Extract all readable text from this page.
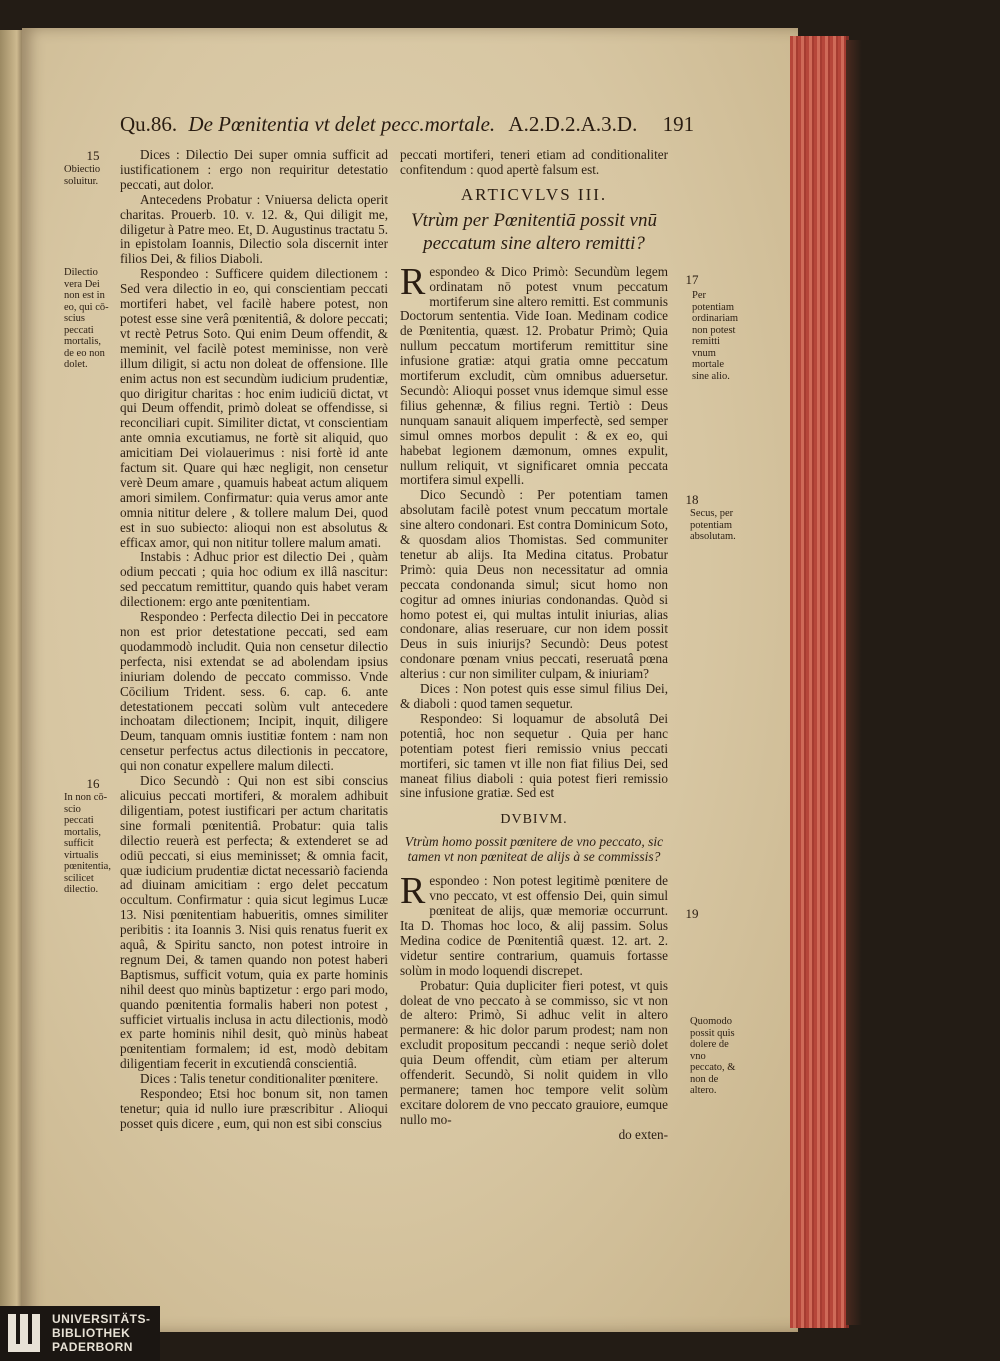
Qu.86. De Pœnitentia vt delet pecc.mortale. A.2.D.2.A.3.D. 191
15
Obiectio soluitur.
Dilectio vera Dei non est in eo, qui cō-scius peccati mortalis, de eo non dolet.
16
In non cō-scio peccati mortalis, sufficit virtualis pœnitentia, scilicet dilectio.

Dices : Dilectio Dei super omnia sufficit ad iustificationem : ergo non requiritur detestatio peccati, aut dolor.

Antecedens Probatur : Vniuersa delicta operit charitas. Prouerb. 10. v. 12. &, Qui diligit me, diligetur à Patre meo. Et, D. Augustinus tractatu 5. in epistolam Ioannis, Dilectio sola discernit inter filios Dei, & filios Diaboli.

Respondeo : Sufficere quidem dilectionem : Sed vera dilectio in eo, qui conscientiam peccati mortiferi habet, vel facilè habere potest, non potest esse sine verâ pœnitentiâ, & dolore peccati; vt rectè Petrus Soto. Qui enim Deum offendit, & meminit, vel facilè potest meminisse, non verè illum diligit, si actu non doleat de offensione. Ille enim actus non est secundùm iudicium prudentiæ, quo dirigitur charitas : hoc enim iudiciū dictat, vt qui Deum offendit, primò doleat se offendisse, si reconciliari cupit. Similiter dictat, vt conscientiam ante omnia excutiamus, ne fortè sit aliquid, quo amicitiam Dei violauerimus : nisi fortè id ante factum sit. Quare qui hæc negligit, non censetur verè Deum amare , quamuis habeat actum aliquem amori similem. Confirmatur: quia verus amor ante omnia nititur delere , & tollere malum Dei, quod est in suo subiecto: alioqui non est absolutus & efficax amor, qui non nititur tollere malum amati.

Instabis : Adhuc prior est dilectio Dei , quàm odium peccati ; quia hoc odium ex illâ nascitur: sed peccatum remittitur, quando quis habet veram dilectionem: ergo ante pœnitentiam.

Respondeo : Perfecta dilectio Dei in peccatore non est prior detestatione peccati, sed eam quodammodò includit. Quia non censetur dilectio perfecta, nisi extendat se ad abolendam ipsius iniuriam dolendo de peccato commisso. Vnde Cōcilium Trident. sess. 6. cap. 6. ante detestationem peccati solùm vult antecedere inchoatam dilectionem; Incipit, inquit, diligere Deum, tanquam omnis iustitiæ fontem : nam non censetur perfectus actus dilectionis in peccatore, qui non conatur expellere malum dilecti.

Dico Secundò : Qui non est sibi conscius alicuius peccati mortiferi, & moralem adhibuit diligentiam, potest iustificari per actum charitatis sine formali pœnitentiâ. Probatur: quia talis dilectio reuerà est perfecta; & extenderet se ad odiū peccati, si eius meminisset; & omnia facit, quæ iudicium prudentiæ dictat necessariò facienda ad diuinam amicitiam : ergo delet peccatum occultum. Confirmatur : quia sicut legimus Lucæ 13. Nisi pœnitentiam habueritis, omnes similiter peribitis : ita Ioannis 3. Nisi quis renatus fuerit ex aquâ, & Spiritu sancto, non potest introire in regnum Dei, & tamen quando non potest haberi Baptismus, sufficit votum, quia ex parte hominis nihil deest quo minùs baptizetur : ergo pari modo, quando pœnitentia formalis haberi non potest , sufficiet virtualis inclusa in actu dilectionis, modò ex parte hominis nihil desit, quò minùs habeat pœnitentiam formalem; id est, modò debitam diligentiam fecerit in excutiendâ conscientiâ.

Dices : Talis tenetur conditionaliter pœnitere.

Respondeo; Etsi hoc bonum sit, non tamen tenetur; quia id nullo iure præscribitur . Alioqui posset quis dicere , eum, qui non est sibi conscius

peccati mortiferi, teneri etiam ad conditionaliter confitendum : quod apertè falsum est.

ARTICVLVS III.
Vtrùm per Pœnitentiā possit vnū peccatum sine altero remitti?

Respondeo & Dico Primò: Secundùm legem ordinatam nō potest vnum peccatum mortiferum sine altero remitti. Est communis Doctorum sententia. Vide Ioan. Medinam codice de Pœnitentia, quæst. 12. Probatur Primò; Quia nullum peccatum mortiferum remittitur sine infusione gratiæ: atqui gratia omne peccatum mortiferum excludit, cùm omnibus aduersetur. Secundò: Alioqui posset vnus idemque simul esse filius gehennæ, & filius regni. Tertiò : Deus nunquam sanauit aliquem imperfectè, sed semper simul omnes morbos depulit : & ex eo, qui habebat legionem dæmonum, omnes expulit, nullum reliquit, vt significaret omnia peccata mortifera simul expelli.

Dico Secundò : Per potentiam tamen absolutam facilè potest vnum peccatum mortale sine altero condonari. Est contra Dominicum Soto, & quosdam alios Thomistas. Sed communiter tenetur ab alijs. Ita Medina citatus. Probatur Primò: quia Deus non necessitatur ad omnia peccata condonanda simul; sicut homo non cogitur ad omnes iniurias condonandas. Quòd si homo potest ei, qui multas intulit iniurias, alias condonare, alias reseruare, cur non idem possit Deus in suis iniurijs? Secundò: Deus potest condonare pœnam vnius peccati, reseruatâ pœna alterius : cur non similiter culpam, & iniuriam?

Dices : Non potest quis esse simul filius Dei, & diaboli : quod tamen sequetur.

Respondeo: Si loquamur de absolutâ Dei potentiâ, hoc non sequetur . Quia per hanc potentiam potest fieri remissio vnius peccati mortiferi, sic tamen vt ille non fiat filius Dei, sed maneat filius diaboli : quia potest fieri remissio sine infusione gratiæ. Sed est

DVBIVM.
Vtrùm homo possit pœnitere de vno peccato, sic tamen vt non pœniteat de alijs à se commissis?

Respondeo : Non potest legitimè pœnitere de vno peccato, vt est offensio Dei, quin simul pœniteat de alijs, quæ memoriæ occurrunt. Ita D. Thomas hoc loco, & alij passim. Solus Medina codice de Pœnitentiâ quæst. 12. art. 2. videtur sentire contrarium, quamuis fortasse solùm in modo loquendi discrepet.

Probatur: Quia dupliciter fieri potest, vt quis doleat de vno peccato à se commisso, sic vt non de altero: Primò, Si adhuc velit in altero permanere: & hic dolor parum prodest; nam non excludit propositum peccandi : neque seriò dolet quia Deum offendit, cùm etiam per alterum offenderit. Secundò, Si nolit quidem in vllo permanere; tamen hoc tempore velit solùm excitare dolorem de vno peccato grauiore, eumque nullo mo-

do exten-

17
Per potentiam ordinariam non potest remitti vnum mortale sine alio.
18
Secus, per potentiam absolutam.
19
Quomodo possit quis dolere de vno peccato, & non de altero.
UNIVERSITÄTS-
BIBLIOTHEK
PADERBORN
